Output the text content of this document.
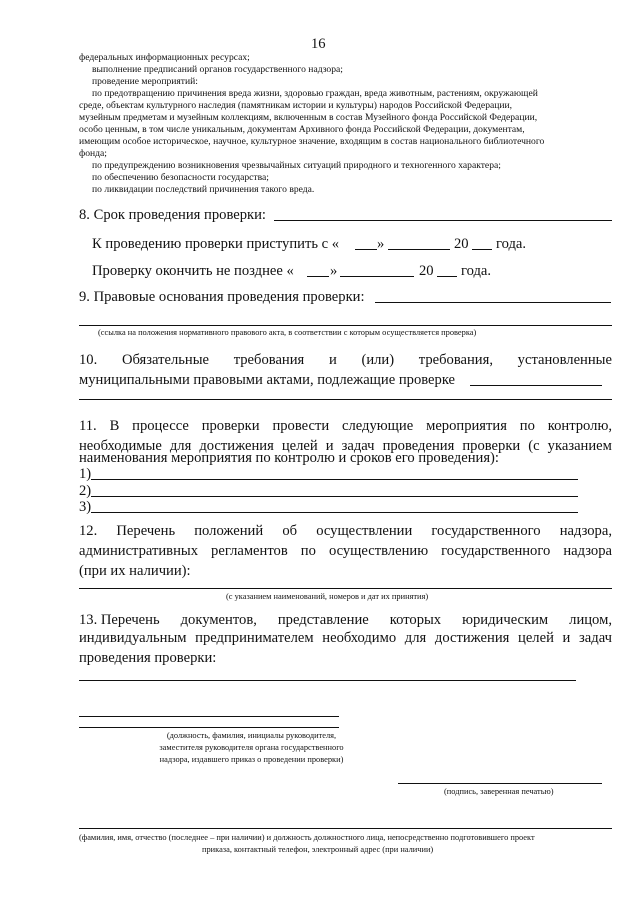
16
федеральных информационных ресурсах;
выполнение предписаний органов государственного надзора;
проведение мероприятий:
по предотвращению причинения вреда жизни, здоровью граждан, вреда животным, растениям, окружающей
среде, объектам культурного наследия (памятникам истории и культуры) народов Российской Федерации,
музейным предметам и музейным коллекциям, включенным в состав Музейного фонда Российской Федерации,
особо ценным, в том числе уникальным, документам Архивного фонда Российской Федерации, документам,
имеющим особое историческое, научное, культурное значение, входящим в состав национального библиотечного
фонда;
по предупреждению возникновения чрезвычайных ситуаций природного и техногенного характера;
по обеспечению безопасности государства;
по ликвидации последствий причинения такого вреда.
8. Срок проведения проверки:
К проведению проверки приступить с «	»	20 года.
Проверку окончить не позднее « »	20 года.
9. Правовые основания проведения проверки:
(ссылка на положения нормативного правового акта, в соответствии с которым осуществляется проверка)
10. Обязательные требования и (или) требования, установленные
муниципальными правовыми актами, подлежащие проверке
11. В процессе проверки провести следующие мероприятия по контролю,
необходимые для достижения целей и задач проведения проверки (с указанием
наименования мероприятия по контролю и сроков его проведения):
1)
2)
3)
12. Перечень положений об осуществлении государственного надзора,
административных регламентов по осуществлению государственного надзора
(при их наличии):
(с указанием наименований, номеров и дат их принятия)
13. Перечень документов, представление которых юридическим лицом,
индивидуальным предпринимателем необходимо для достижения целей и задач
проведения проверки:
(должность, фамилия, инициалы руководителя,
заместителя руководителя органа государственного
надзора, издавшего приказ о проведении проверки)
(подпись, заверенная печатью)
(фамилия, имя, отчество (последнее – при наличии) и должность должностного лица, непосредственно подготовившего проект
приказа, контактный телефон, электронный адрес (при наличии)
